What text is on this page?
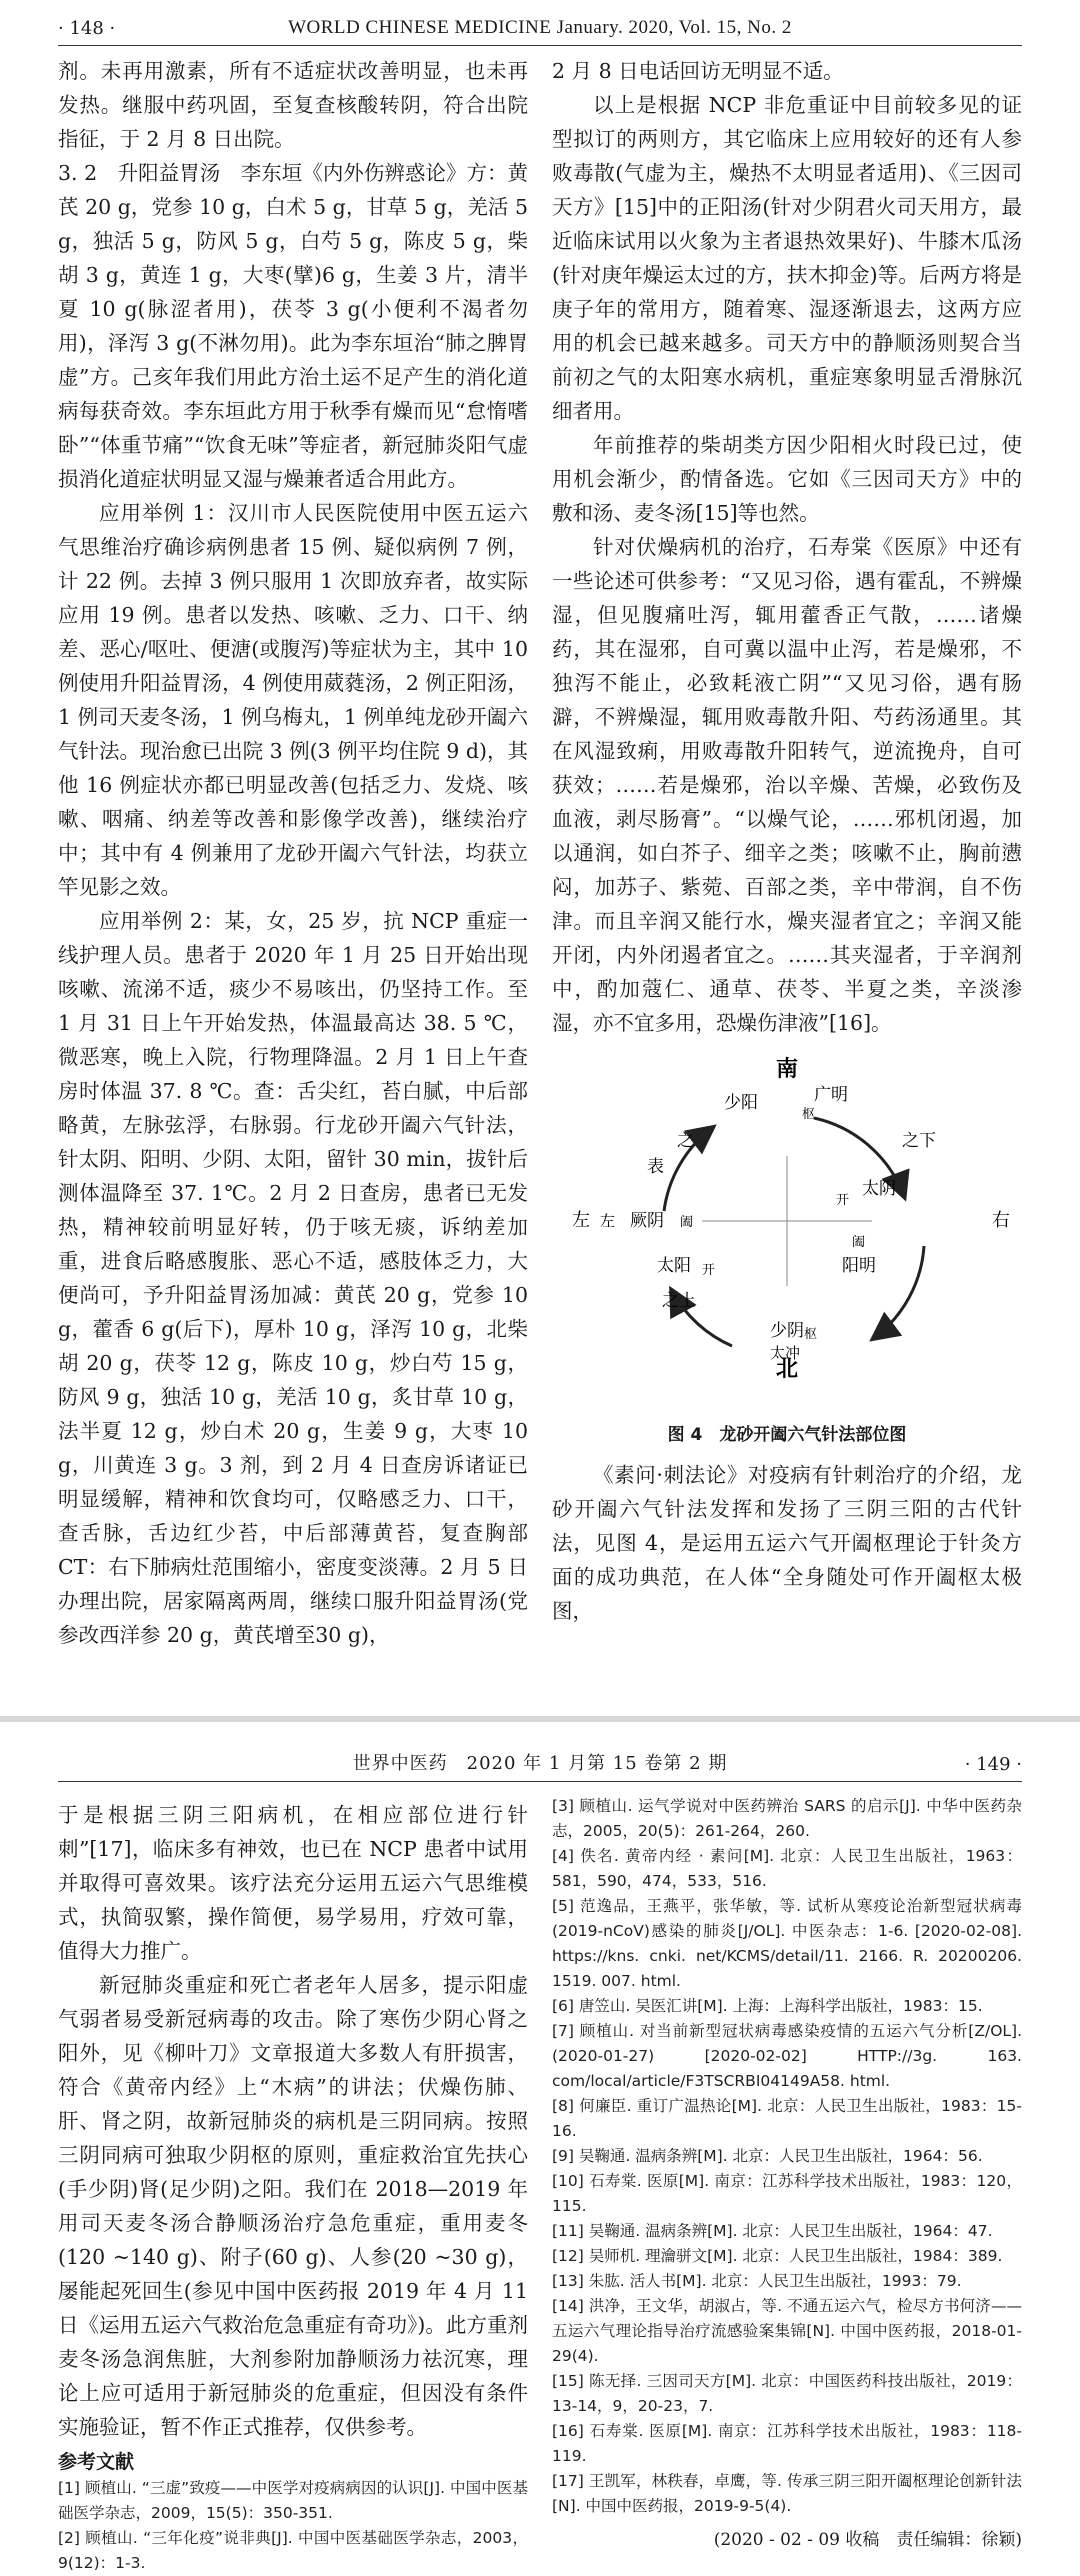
· 148 ·	WORLD CHINESE MEDICINE January. 2020, Vol. 15, No. 2

剂。未再用激素，所有不适症状改善明显，也未再发热。继服中药巩固，至复查核酸转阴，符合出院指征，于 2 月 8 日出院。

3. 2　升阳益胃汤　李东垣《内外伤辨惑论》方：黄芪 20 g，党参 10 g，白术 5 g，甘草 5 g，羌活 5 g，独活 5 g，防风 5 g，白芍 5 g，陈皮 5 g，柴胡 3 g，黄连 1 g，大枣(擘)6 g，生姜 3 片，清半夏 10 g(脉涩者用)，茯苓 3 g(小便利不渴者勿用)，泽泻 3 g(不淋勿用)。此为李东垣治“肺之脾胃虚”方。己亥年我们用此方治土运不足产生的消化道病每获奇效。李东垣此方用于秋季有燥而见“怠惰嗜卧”“体重节痛”“饮食无味”等症者，新冠肺炎阳气虚损消化道症状明显又湿与燥兼者适合用此方。

应用举例 1：汉川市人民医院使用中医五运六气思维治疗确诊病例患者 15 例、疑似病例 7 例，计 22 例。去掉 3 例只服用 1 次即放弃者，故实际应用 19 例。患者以发热、咳嗽、乏力、口干、纳差、恶心/呕吐、便溏(或腹泻)等症状为主，其中 10 例使用升阳益胃汤，4 例使用葳蕤汤，2 例正阳汤，1 例司天麦冬汤，1 例乌梅丸，1 例单纯龙砂开阖六气针法。现治愈已出院 3 例(3 例平均住院 9 d)，其他 16 例症状亦都已明显改善(包括乏力、发烧、咳嗽、咽痛、纳差等改善和影像学改善)，继续治疗中；其中有 4 例兼用了龙砂开阖六气针法，均获立竿见影之效。

应用举例 2：某，女，25 岁，抗 NCP 重症一线护理人员。患者于 2020 年 1 月 25 日开始出现咳嗽、流涕不适，痰少不易咳出，仍坚持工作。至 1 月 31 日上午开始发热，体温最高达 38. 5 ℃，微恶寒，晚上入院，行物理降温。2 月 1 日上午查房时体温 37. 8 ℃。查：舌尖红，苔白腻，中后部略黄，左脉弦浮，右脉弱。行龙砂开阖六气针法，针太阴、阳明、少阴、太阳，留针 30 min，拔针后测体温降至 37. 1℃。2 月 2 日查房，患者已无发热，精神较前明显好转，仍于咳无痰，诉纳差加重，进食后略感腹胀、恶心不适，感肢体乏力，大便尚可，予升阳益胃汤加减：黄芪 20 g，党参 10 g，藿香 6 g(后下)，厚朴 10 g，泽泻 10 g，北柴胡 20 g，茯苓 12 g，陈皮 10 g，炒白芍 15 g，防风 9 g，独活 10 g，羌活 10 g，炙甘草 10 g，法半夏 12 g，炒白术 20 g，生姜 9 g，大枣 10 g，川黄连 3 g。3 剂，到 2 月 4 日查房诉诸证已明显缓解，精神和饮食均可，仅略感乏力、口干，查舌脉，舌边红少苔，中后部薄黄苔，复查胸部 CT：右下肺病灶范围缩小，密度变淡薄。2 月 5 日办理出院，居家隔离两周，继续口服升阳益胃汤(党参改西洋参 20 g，黄芪增至30 g)，

2 月 8 日电话回访无明显不适。

以上是根据 NCP 非危重证中目前较多见的证型拟订的两则方，其它临床上应用较好的还有人参败毒散(气虚为主，燥热不太明显者适用)、《三因司天方》[15]中的正阳汤(针对少阴君火司天用方，最近临床试用以火象为主者退热效果好)、牛膝木瓜汤(针对庚年燥运太过的方，扶木抑金)等。后两方将是庚子年的常用方，随着寒、湿逐渐退去，这两方应用的机会已越来越多。司天方中的静顺汤则契合当前初之气的太阳寒水病机，重症寒象明显舌滑脉沉细者用。

年前推荐的柴胡类方因少阳相火时段已过，使用机会渐少，酌情备选。它如《三因司天方》中的敷和汤、麦冬汤[15]等也然。

针对伏燥病机的治疗，石寿棠《医原》中还有一些论述可供参考：“又见习俗，遇有霍乱，不辨燥湿，但见腹痛吐泻，辄用藿香正气散，……诸燥药，其在湿邪，自可冀以温中止泻，若是燥邪，不独泻不能止，必致耗液亡阴”“又见习俗，遇有肠澼，不辨燥湿，辄用败毒散升阳、芍药汤通里。其在风湿致痢，用败毒散升阳转气，逆流挽舟，自可获效；……若是燥邪，治以辛燥、苦燥，必致伤及血液，剥尽肠膏”。“以燥气论，……邪机闭遏，加以通润，如白芥子、细辛之类；咳嗽不止，胸前懑闷，加苏子、紫菀、百部之类，辛中带润，自不伤津。而且辛润又能行水，燥夹湿者宜之；辛润又能开闭，内外闭遏者宜之。……其夹湿者，于辛润剂中，酌加蔻仁、通草、茯苓、半夏之类，辛淡渗湿，亦不宜多用，恐燥伤津液”[16]。

南
北
左	右
广明
少阳
枢
之下
太阴
开
表
之
左 厥阴 阖
太阳 开
之上
阳明
阖
少阴 枢
太冲
图 4　龙砂开阖六气针法部位图

《素问·刺法论》对疫病有针刺治疗的介绍，龙砂开阖六气针法发挥和发扬了三阴三阳的古代针法，见图 4，是运用五运六气开阖枢理论于针灸方面的成功典范，在人体“全身随处可作开阖枢太极图，

世界中医药　2020 年 1 月第 15 卷第 2 期	· 149 ·

于是根据三阴三阳病机，在相应部位进行针刺”[17]，临床多有神效，也已在 NCP 患者中试用并取得可喜效果。该疗法充分运用五运六气思维模式，执简驭繁，操作简便，易学易用，疗效可靠，值得大力推广。

新冠肺炎重症和死亡者老年人居多，提示阳虚气弱者易受新冠病毒的攻击。除了寒伤少阴心肾之阳外，见《柳叶刀》文章报道大多数人有肝损害，符合《黄帝内经》上“木病”的讲法；伏燥伤肺、肝、肾之阴，故新冠肺炎的病机是三阴同病。按照三阴同病可独取少阴枢的原则，重症救治宜先扶心(手少阴)肾(足少阴)之阳。我们在 2018—2019 年用司天麦冬汤合静顺汤治疗急危重症，重用麦冬(120 ~140 g)、附子(60 g)、人参(20 ~30 g)，屡能起死回生(参见中国中医药报 2019 年 4 月 11 日《运用五运六气救治危急重症有奇功》)。此方重剂麦冬汤急润焦脏，大剂参附加静顺汤力祛沉寒，理论上应可适用于新冠肺炎的危重症，但因没有条件实施验证，暂不作正式推荐，仅供参考。

参考文献
[1] 顾植山. “三虚”致疫——中医学对疫病病因的认识[J]. 中国中医基础医学杂志，2009，15(5)：350-351.
[2] 顾植山. “三年化疫”说非典[J]. 中国中医基础医学杂志，2003，9(12)：1-3.
[3] 顾植山. 运气学说对中医药辨治 SARS 的启示[J]. 中华中医药杂志，2005，20(5)：261-264，260.
[4] 佚名. 黄帝内经 · 素问[M]. 北京：人民卫生出版社，1963：581，590，474，533，516.
[5] 范逸品，王燕平，张华敏，等. 试析从寒疫论治新型冠状病毒(2019-nCoV)感染的肺炎[J/OL]. 中医杂志：1-6. [2020-02-08]. https://kns. cnki. net/KCMS/detail/11. 2166. R. 20200206. 1519. 007. html.
[6] 唐笠山. 吴医汇讲[M]. 上海：上海科学出版社，1983：15.
[7] 顾植山. 对当前新型冠状病毒感染疫情的五运六气分析[Z/OL]. (2020-01-27) [2020-02-02] HTTP://3g. 163. com/local/article/F3TSCRBI04149A58. html.
[8] 何廉臣. 重订广温热论[M]. 北京：人民卫生出版社，1983：15-16.
[9] 吴鞠通. 温病条辨[M]. 北京：人民卫生出版社，1964：56.
[10] 石寿棠. 医原[M]. 南京：江苏科学技术出版社，1983：120，115.
[11] 吴鞠通. 温病条辨[M]. 北京：人民卫生出版社，1964：47.
[12] 吴师机. 理瀹骈文[M]. 北京：人民卫生出版社，1984：389.
[13] 朱肱. 活人书[M]. 北京：人民卫生出版社，1993：79.
[14] 洪净，王文华，胡淑占，等. 不通五运六气，检尽方书何济——五运六气理论指导治疗流感验案集锦[N]. 中国中医药报，2018-01-29(4).
[15] 陈无择. 三因司天方[M]. 北京：中国医药科技出版社，2019：13-14，9，20-23，7.
[16] 石寿棠. 医原[M]. 南京：江苏科学技术出版社，1983：118-119.
[17] 王凯军，林秩春，卓鹰，等. 传承三阴三阳开阖枢理论创新针法[N]. 中国中医药报，2019-9-5(4).
(2020 - 02 - 09 收稿　责任编辑：徐颖)
